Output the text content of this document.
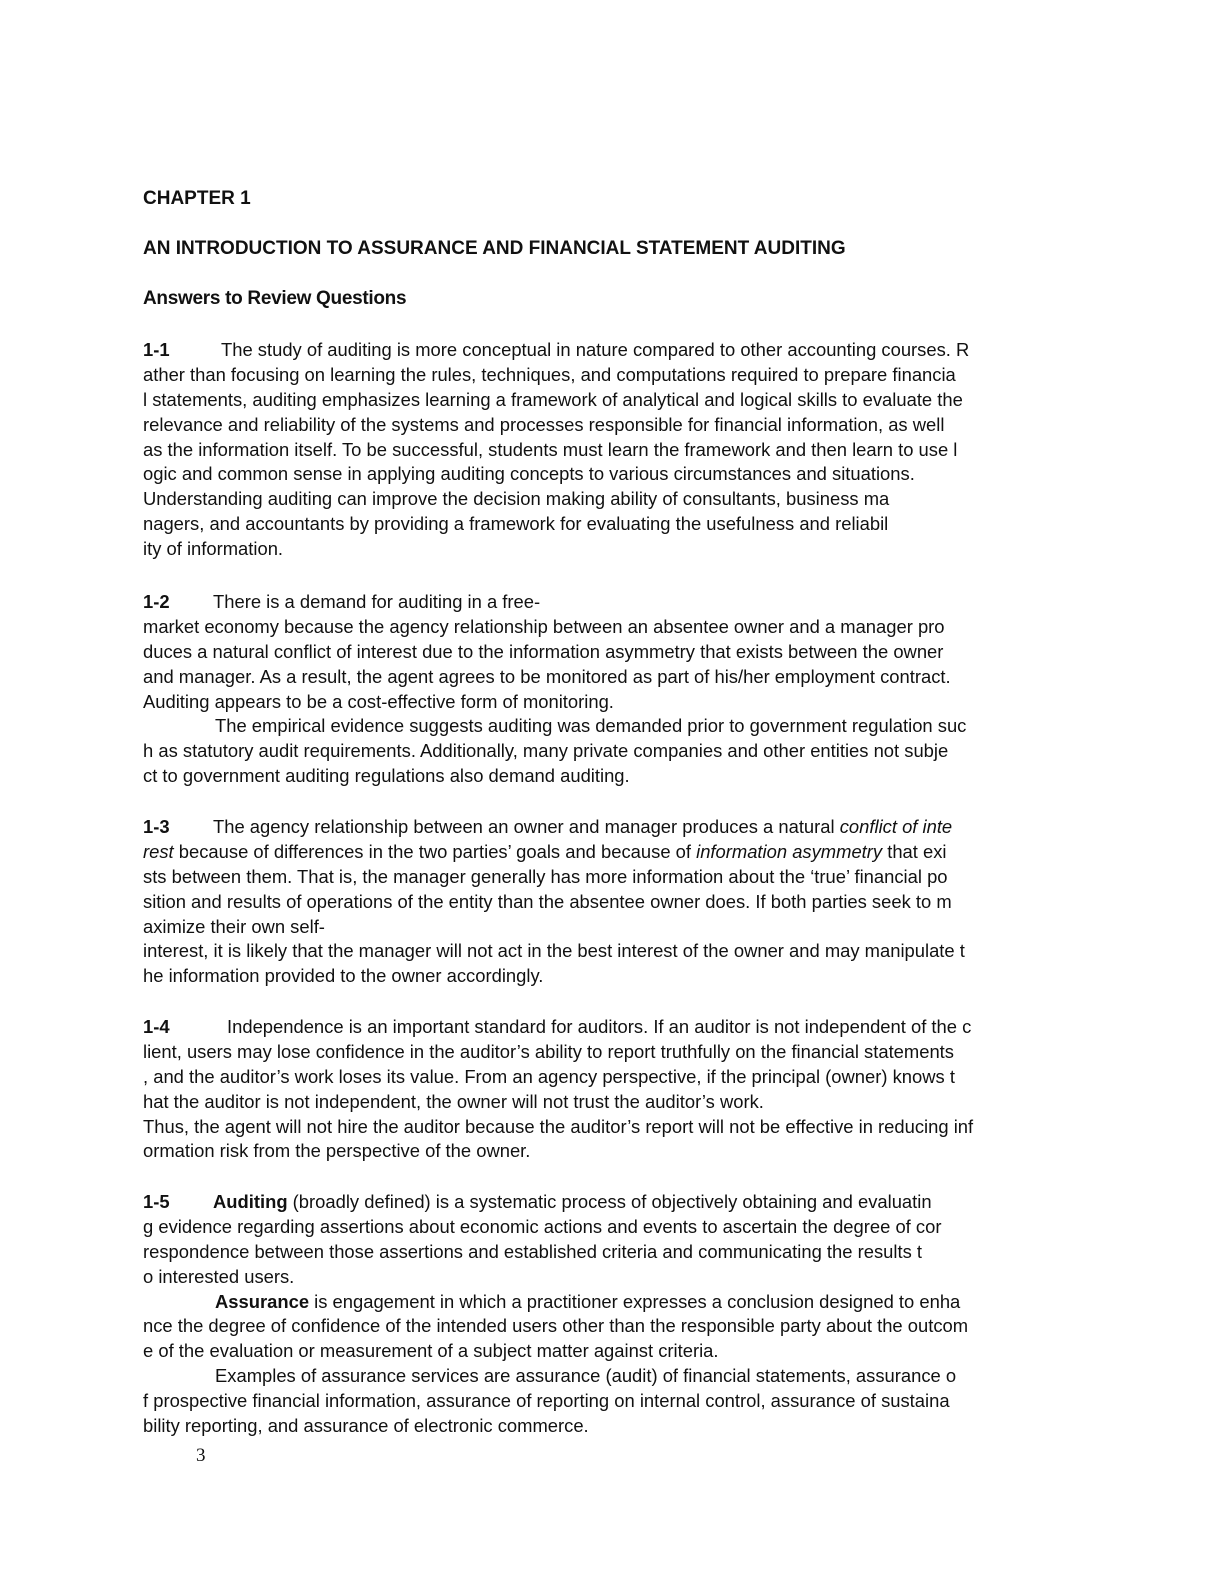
CHAPTER 1
AN INTRODUCTION TO ASSURANCE AND FINANCIAL STATEMENT AUDITING
Answers to Review Questions
1-1	The study of auditing is more conceptual in nature compared to other accounting courses. R
ather than focusing on learning the rules, techniques, and computations required to prepare financia
l statements, auditing emphasizes learning a framework of analytical and logical skills to evaluate the
relevance and reliability of the systems and processes responsible for financial information, as well
as the information itself. To be successful, students must learn the framework and then learn to use l
ogic and common sense in applying auditing concepts to various circumstances and situations.
Understanding auditing can improve the decision making ability of consultants, business ma
nagers, and accountants by providing a framework for evaluating the usefulness and reliabil
ity of information.
1-2 There is a demand for auditing in a free-
market economy because the agency relationship between an absentee owner and a manager pro
duces a natural conflict of interest due to the information asymmetry that exists between the owner
and manager. As a result, the agent agrees to be monitored as part of his/her employment contract.
Auditing appears to be a cost-effective form of monitoring.
The empirical evidence suggests auditing was demanded prior to government regulation suc
h as statutory audit requirements. Additionally, many private companies and other entities not subje
ct to government auditing regulations also demand auditing.
1-3 The agency relationship between an owner and manager produces a natural conflict of inte
rest because of differences in the two parties’ goals and because of information asymmetry that exi
sts between them. That is, the manager generally has more information about the ‘true’ financial po
sition and results of operations of the entity than the absentee owner does. If both parties seek to m
aximize their own self-
interest, it is likely that the manager will not act in the best interest of the owner and may manipulate t
he information provided to the owner accordingly.
1-4	Independence is an important standard for auditors. If an auditor is not independent of the c
lient, users may lose confidence in the auditor’s ability to report truthfully on the financial statements
, and the auditor’s work loses its value. From an agency perspective, if the principal (owner) knows t
hat the auditor is not independent, the owner will not trust the auditor’s work.
Thus, the agent will not hire the auditor because the auditor’s report will not be effective in reducing inf
ormation risk from the perspective of the owner.
1-5 Auditing (broadly defined) is a systematic process of objectively obtaining and evaluatin
g evidence regarding assertions about economic actions and events to ascertain the degree of cor
respondence between those assertions and established criteria and communicating the results t
o interested users.
Assurance is engagement in which a practitioner expresses a conclusion designed to enha
nce the degree of confidence of the intended users other than the responsible party about the outcom
e of the evaluation or measurement of a subject matter against criteria.
Examples of assurance services are assurance (audit) of financial statements, assurance o
f prospective financial information, assurance of reporting on internal control, assurance of sustaina
bility reporting, and assurance of electronic commerce.
3
